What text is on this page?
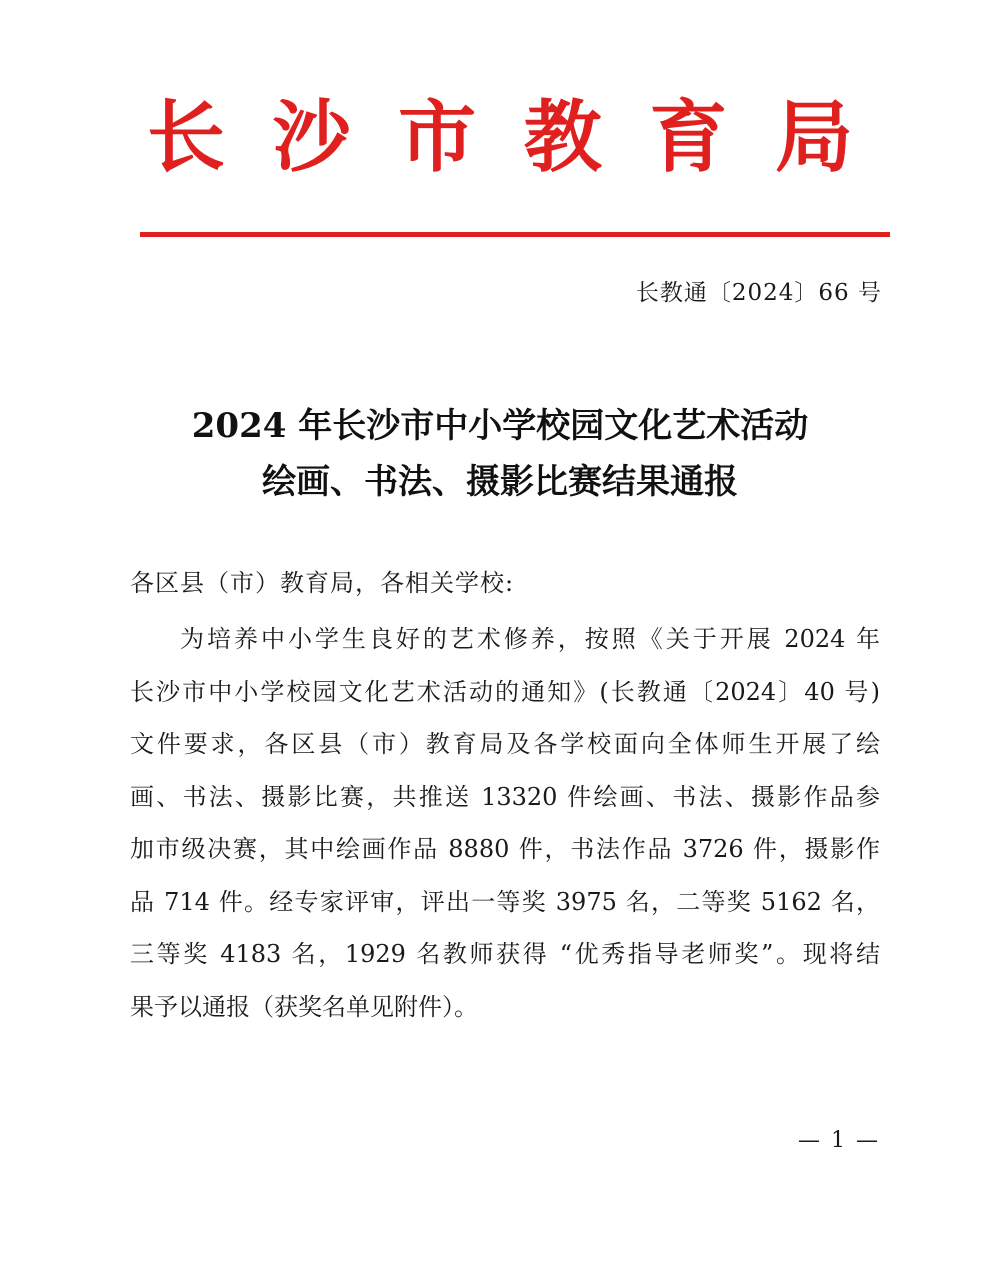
长 沙 市 教 育 局
长教通〔2024〕66 号
2024 年长沙市中小学校园文化艺术活动
绘画、书法、摄影比赛结果通报
各区县（市）教育局，各相关学校:
为培养中小学生良好的艺术修养，按照《关于开展 2024 年
长沙市中小学校园文化艺术活动的通知》(长教通〔2024〕40 号)
文件要求，各区县（市）教育局及各学校面向全体师生开展了绘
画、书法、摄影比赛，共推送 13320 件绘画、书法、摄影作品参
加市级决赛，其中绘画作品 8880 件，书法作品 3726 件，摄影作
品 714 件。经专家评审，评出一等奖 3975 名，二等奖 5162 名，
三等奖 4183 名，1929 名教师获得 “优秀指导老师奖”。现将结
果予以通报（获奖名单见附件）。
— 1 —
